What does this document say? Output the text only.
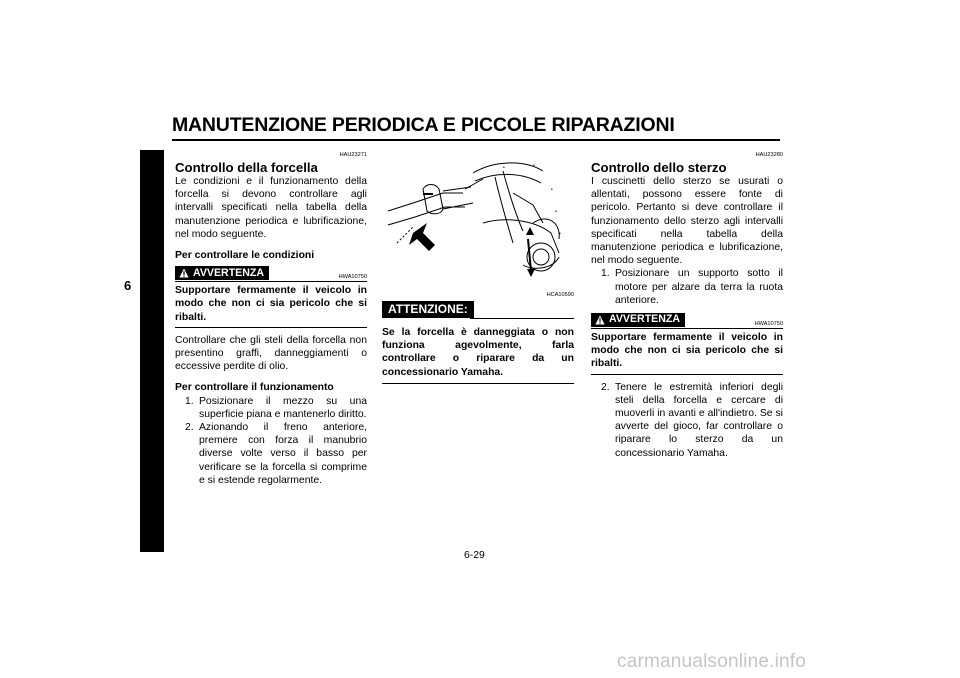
MANUTENZIONE PERIODICA E PICCOLE RIPARAZIONI
6
HAU23271
Controllo della forcella
Le condizioni e il funzionamento della forcella si devono controllare agli intervalli specificati nella tabella della manutenzione periodica e lubrificazione, nel modo seguente.
Per controllare le condizioni
AVVERTENZA	HWA10750
Supportare fermamente il veicolo in modo che non ci sia pericolo che si ribalti.
Controllare che gli steli della forcella non presentino graffi, danneggiamenti o eccessive perdite di olio.
Per controllare il funzionamento
1. Posizionare il mezzo su una superficie piana e mantenerlo diritto.
2. Azionando il freno anteriore, premere con forza il manubrio diverse volte verso il basso per verificare se la forcella si comprime e si estende regolarmente.
•	•
•
•
•
HCA10590
ATTENZIONE:
Se la forcella è danneggiata o non funziona agevolmente, farla controllare o riparare da un concessionario Yamaha.
HAU23280
Controllo dello sterzo
I cuscinetti dello sterzo se usurati o allentati, possono essere fonte di pericolo. Pertanto si deve controllare il funzionamento dello sterzo agli intervalli specificati nella tabella della manutenzione periodica e lubrificazione, nel modo seguente.
1. Posizionare un supporto sotto il motore per alzare da terra la ruota anteriore.
AVVERTENZA	HWA10750
Supportare fermamente il veicolo in modo che non ci sia pericolo che si ribalti.
2. Tenere le estremità inferiori degli steli della forcella e cercare di muoverli in avanti e all'indietro. Se si avverte del gioco, far controllare o riparare lo sterzo da un concessionario Yamaha.
6-29
carmanualsonline.info
